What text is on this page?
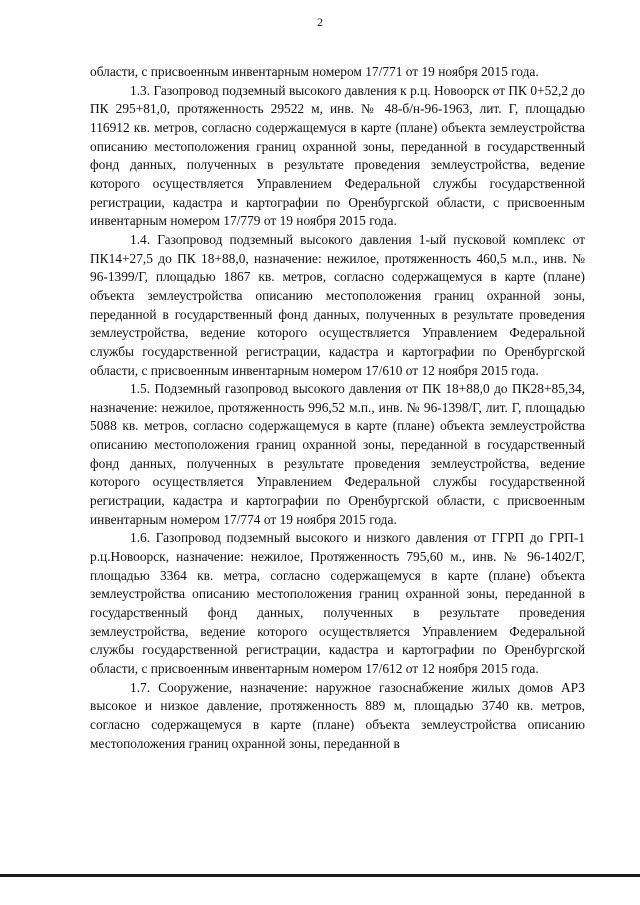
2

области, с присвоенным инвентарным номером 17/771 от 19 ноября 2015 года.

1.3. Газопровод подземный высокого давления к р.ц. Новоорск от ПК 0+52,2 до ПК 295+81,0, протяженность 29522 м, инв. № 48-б/н-96-1963, лит. Г, площадью 116912 кв. метров, согласно содержащемуся в карте (плане) объекта землеустройства описанию местоположения границ охранной зоны, переданной в государственный фонд данных, полученных в результате проведения землеустройства, ведение которого осуществляется Управлением Федеральной службы государственной регистрации, кадастра и картографии по Оренбургской области, с присвоенным инвентарным номером 17/779 от 19 ноября 2015 года.

1.4. Газопровод подземный высокого давления 1-ый пусковой комплекс от ПК14+27,5 до ПК 18+88,0, назначение: нежилое, протяженность 460,5 м.п., инв. № 96-1399/Г, площадью 1867 кв. метров, согласно содержащемуся в карте (плане) объекта землеустройства описанию местоположения границ охранной зоны, переданной в государственный фонд данных, полученных в результате проведения землеустройства, ведение которого осуществляется Управлением Федеральной службы государственной регистрации, кадастра и картографии по Оренбургской области, с присвоенным инвентарным номером 17/610 от 12 ноября 2015 года.

1.5. Подземный газопровод высокого давления от ПК 18+88,0 до ПК28+85,34, назначение: нежилое, протяженность 996,52 м.п., инв. № 96-1398/Г, лит. Г, площадью 5088 кв. метров, согласно содержащемуся в карте (плане) объекта землеустройства описанию местоположения границ охранной зоны, переданной в государственный фонд данных, полученных в результате проведения землеустройства, ведение которого осуществляется Управлением Федеральной службы государственной регистрации, кадастра и картографии по Оренбургской области, с присвоенным инвентарным номером 17/774 от 19 ноября 2015 года.

1.6. Газопровод подземный высокого и низкого давления от ГГРП до ГРП-1 р.ц.Новоорск, назначение: нежилое, Протяженность 795,60 м., инв. № 96-1402/Г, площадью 3364 кв. метра, согласно содержащемуся в карте (плане) объекта землеустройства описанию местоположения границ охранной зоны, переданной в государственный фонд данных, полученных в результате проведения землеустройства, ведение которого осуществляется Управлением Федеральной службы государственной регистрации, кадастра и картографии по Оренбургской области, с присвоенным инвентарным номером 17/612 от 12 ноября 2015 года.

1.7. Сооружение, назначение: наружное газоснабжение жилых домов АРЗ высокое и низкое давление, протяженность 889 м, площадью 3740 кв. метров, согласно содержащемуся в карте (плане) объекта землеустройства описанию местоположения границ охранной зоны, переданной в
